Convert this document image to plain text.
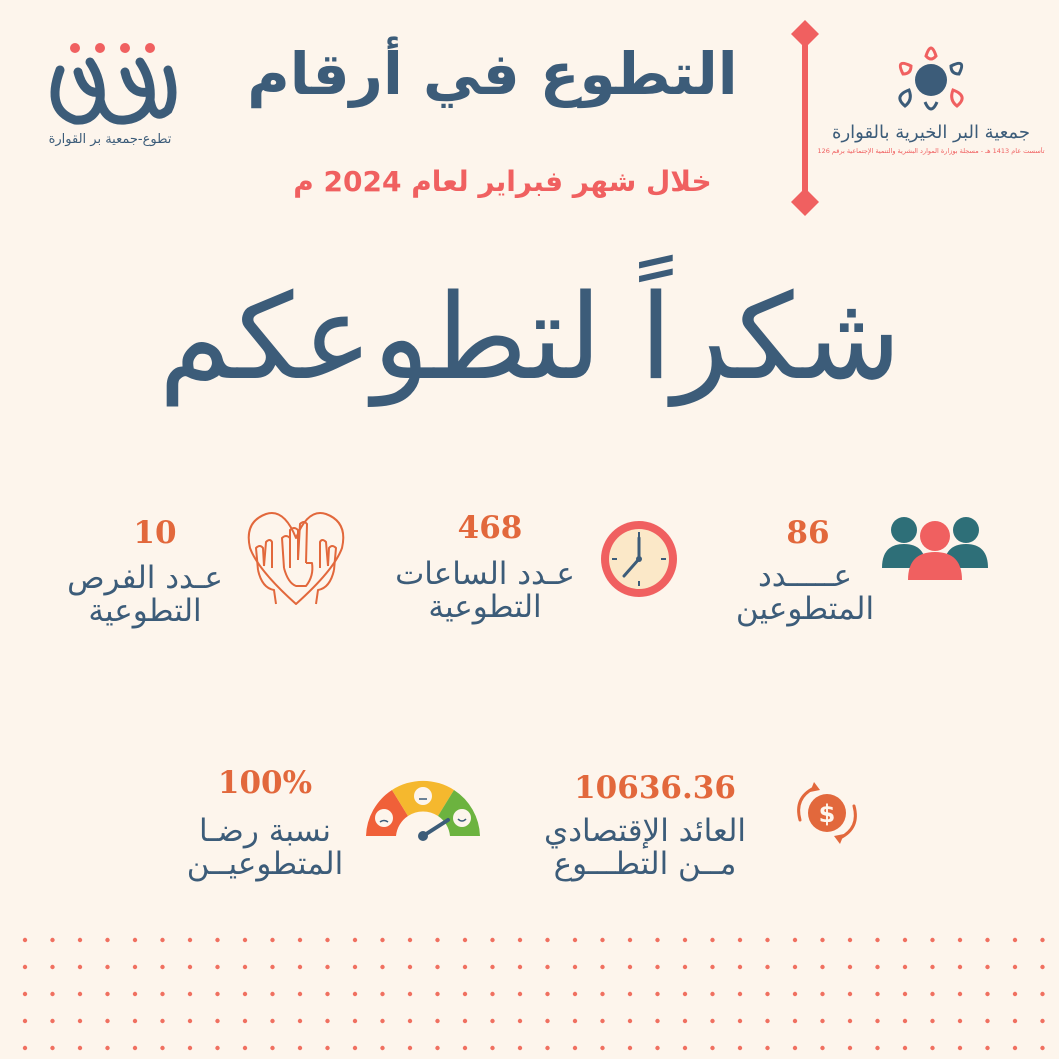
جمعية البر الخيرية بالقوارة
تأسست عام 1413 هـ - مسجلة بوزارة الموارد البشرية والتنمية الإجتماعية برقم 126
التطوع في أرقام
خلال شهر فبراير لعام 2024 م
تطوع-جمعية بر القوارة
شكراً لتطوعكم
86
عـــــدد
المتطوعين
468
عـدد الساعات
التطوعية
10
عـدد الفرص
التطوعية
10636.36
العائد الإقتصادي
مــن التطـــوع
$
100%
نسبة رضـا
المتطوعيــن
